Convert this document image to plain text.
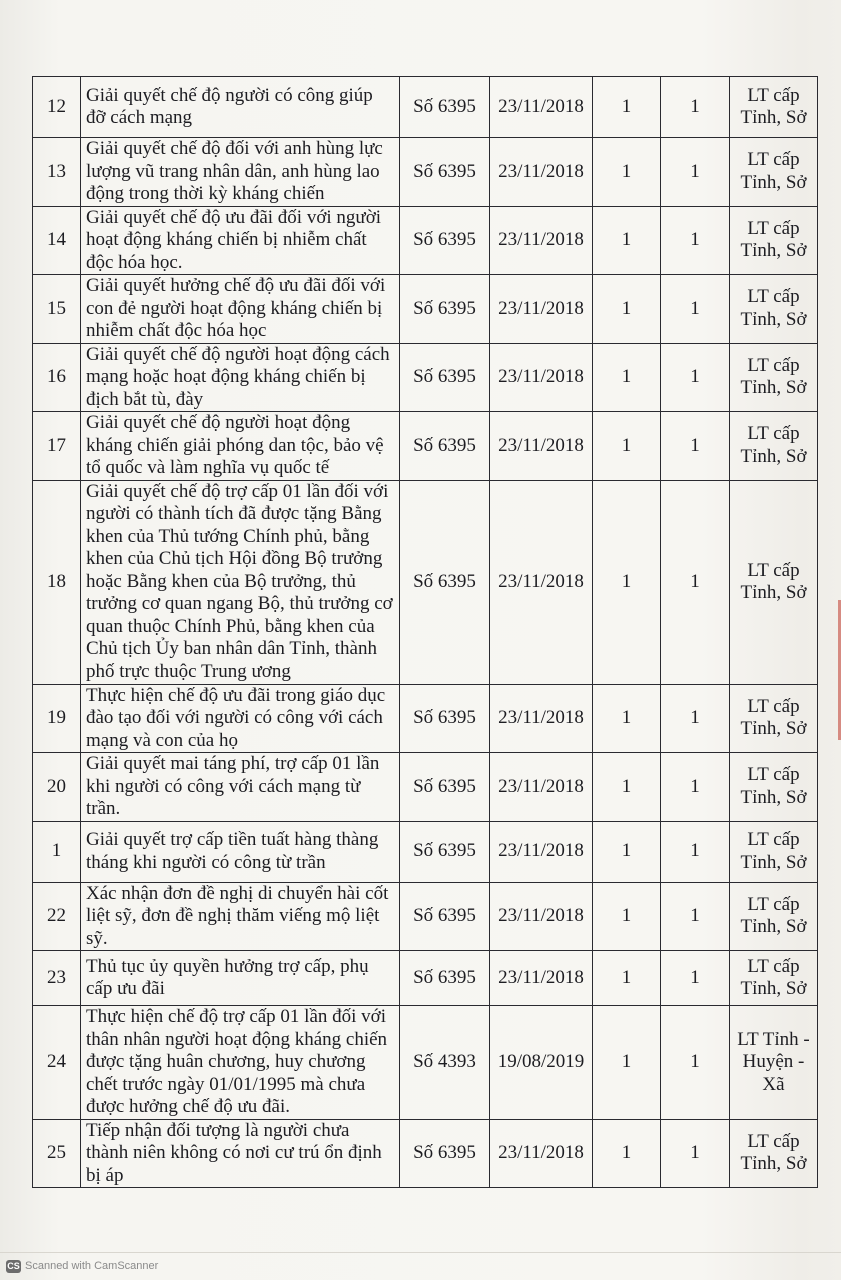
12	Giải quyết chế độ người có công giúp đỡ cách mạng	Số 6395	23/11/2018	1	1	LT cấp Tỉnh, Sở
13	Giải quyết chế độ đối với anh hùng lực lượng vũ trang nhân dân, anh hùng lao động trong thời kỳ kháng chiến	Số 6395	23/11/2018	1	1	LT cấp Tỉnh, Sở
14	Giải quyết chế độ ưu đãi đối với người hoạt động kháng chiến bị nhiễm chất độc hóa học.	Số 6395	23/11/2018	1	1	LT cấp Tỉnh, Sở
15	Giải quyết hưởng chế độ ưu đãi đối với con đẻ người hoạt động kháng chiến bị nhiễm chất độc hóa học	Số 6395	23/11/2018	1	1	LT cấp Tỉnh, Sở
16	Giải quyết chế độ người hoạt động cách mạng hoặc hoạt động kháng chiến bị địch bắt tù, đày	Số 6395	23/11/2018	1	1	LT cấp Tỉnh, Sở
17	Giải quyết chế độ người hoạt động kháng chiến giải phóng dan tộc, bảo vệ tổ quốc và làm nghĩa vụ quốc tế	Số 6395	23/11/2018	1	1	LT cấp Tỉnh, Sở
18	Giải quyết chế độ trợ cấp 01 lần đối với người có thành tích đã được tặng Bằng khen của Thủ tướng Chính phủ, bằng khen của Chủ tịch Hội đồng Bộ trưởng hoặc Bằng khen của Bộ trưởng, thủ trưởng cơ quan ngang Bộ, thủ trưởng cơ quan thuộc Chính Phủ, bằng khen của Chủ tịch Ủy ban nhân dân Tỉnh, thành phố trực thuộc Trung ương	Số 6395	23/11/2018	1	1	LT cấp Tỉnh, Sở
19	Thực hiện chế độ ưu đãi trong giáo dục đào tạo đối với người có công với cách mạng và con của họ	Số 6395	23/11/2018	1	1	LT cấp Tỉnh, Sở
20	Giải quyết mai táng phí, trợ cấp 01 lần khi người có công với cách mạng từ trần.	Số 6395	23/11/2018	1	1	LT cấp Tỉnh, Sở
1	Giải quyết trợ cấp tiền tuất hàng thàng tháng khi người có công từ trần	Số 6395	23/11/2018	1	1	LT cấp Tỉnh, Sở
22	Xác nhận đơn đề nghị di chuyển hài cốt liệt sỹ, đơn đề nghị thăm viếng mộ liệt sỹ.	Số 6395	23/11/2018	1	1	LT cấp Tỉnh, Sở
23	Thủ tục ủy quyền hưởng trợ cấp, phụ cấp ưu đãi	Số 6395	23/11/2018	1	1	LT cấp Tỉnh, Sở
24	Thực hiện chế độ trợ cấp 01 lần đối với thân nhân người hoạt động kháng chiến được tặng huân chương, huy chương chết trước ngày 01/01/1995 mà chưa được hưởng chế độ ưu đãi.	Số 4393	19/08/2019	1	1	LT Tỉnh - Huyện - Xã
25	Tiếp nhận đối tượng là người chưa thành niên không có nơi cư trú ổn định bị áp	Số 6395	23/11/2018	1	1	LT cấp Tỉnh, Sở
CS Scanned with CamScanner
